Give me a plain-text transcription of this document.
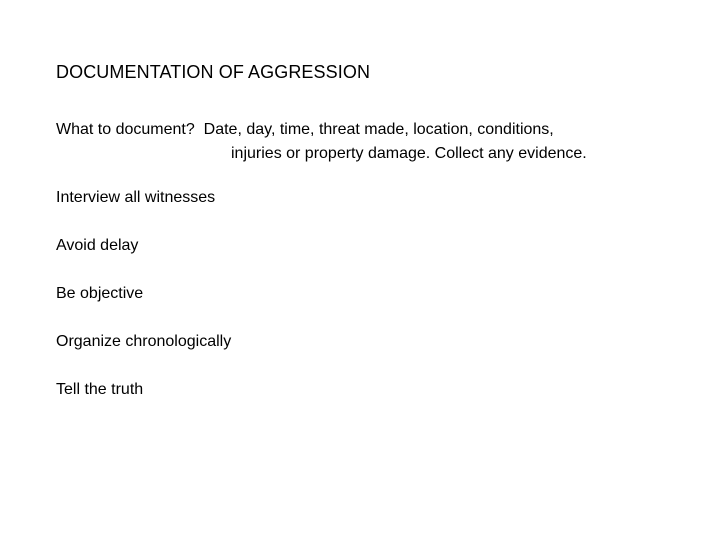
DOCUMENTATION OF AGGRESSION
What to document? Date, day, time, threat made, location, conditions,
injuries or property damage. Collect any evidence.
Interview all witnesses
Avoid delay
Be objective
Organize chronologically
Tell the truth
